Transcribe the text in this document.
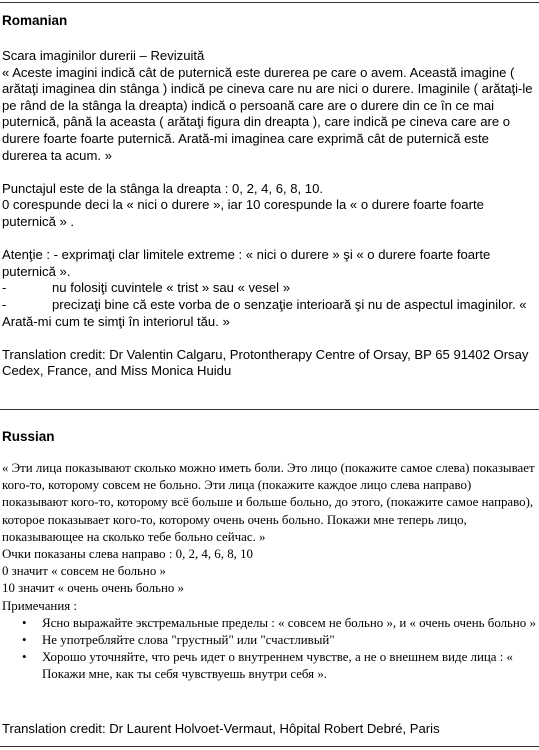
Romanian

Scara imaginilor durerii – Revizuită

« Aceste imagini indică cât de puternică este durerea pe care o avem. Această imagine ( arătaţi imaginea din stânga ) indică pe cineva care nu are nici o durere. Imaginile ( arătaţi-le pe rând de la stânga la dreapta) indică o persoană care are o durere din ce în ce mai puternică, până la aceasta ( arătaţi figura din dreapta ), care indică pe cineva care are o durere foarte foarte puternică. Arată-mi imaginea care exprimă cât de puternică este durerea ta acum. »

Punctajul este de la stânga la dreapta : 0, 2, 4, 6, 8, 10.

0 corespunde deci la « nici o durere », iar 10 corespunde la « o durere foarte foarte puternică » .

Atenţie : - exprimaţi clar limitele extreme : « nici o durere » şi « o durere foarte foarte puternică ».

-	nu folosiţi cuvintele « trist » sau « vesel »
-	precizaţi bine că este vorba de o senzaţie interioară şi nu de aspectul imaginilor. « Arată-mi cum te simţi în interiorul tău. »

Translation credit: Dr Valentin Calgaru, Protontherapy Centre of Orsay, BP 65 91402 Orsay Cedex, France, and Miss Monica Huidu

Russian

« Эти лица показывают сколько можно иметь боли. Это лицо (покажите самое слева) показывает кого-то, которому совсем не больно. Эти лица (покажите каждое лицо слева направо) показывают кого-то, которому всё больше и больше больно, до этого, (покажите самое направо), которое показывает кого-то, которому очень очень больно. Покажи мне теперь лицо, показывающее на сколько тебе больно сейчас. »

Очки показаны слева направо : 0, 2, 4, 6, 8, 10

0 значит « совсем не больно »

10 значит « очень очень больно »

Примечания :

• Ясно выражайте экстремальные пределы : « совсем не больно », и « очень очень больно »
• Не употребляйте слова "грустный" или "счастливый"
• Хорошо уточняйте, что речь идет о внутреннем чувстве, а не о внешнем виде лица : « Покажи мне, как ты себя чувствуешь внутри себя ».
Translation credit: Dr Laurent Holvoet-Vermaut, Hôpital Robert Debré, Paris
